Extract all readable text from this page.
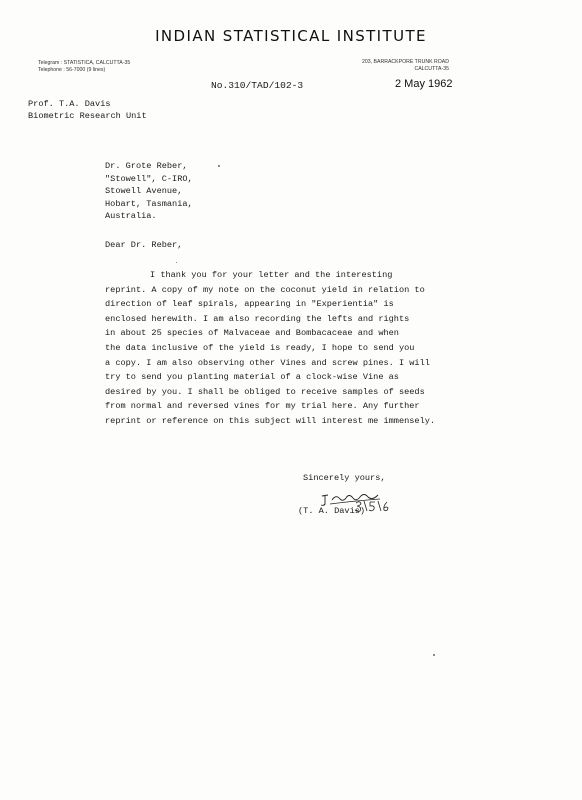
INDIAN STATISTICAL INSTITUTE
Telegram : STATISTICA, CALCUTTA-35
Telephone : 56-7000 (9 lines)
203, BARRACKPORE TRUNK ROAD
CALCUTTA-35
No.310/TAD/102-3	2 May 1962
Prof. T.A. Davis
Biometric Research Unit
Dr. Grote Reber,
"Stowell", C-IRO,
Stowell Avenue,
Hobart, Tasmania,
Australia.
Dear Dr. Reber,
I thank you for your letter and the interesting
reprint. A copy of my note on the coconut yield in relation to
direction of leaf spirals, appearing in "Experientia" is
enclosed herewith. I am also recording the lefts and rights
in about 25 species of Malvaceae and Bombacaceae and when
the data inclusive of the yield is ready, I hope to send you
a copy. I am also observing other Vines and screw pines. I will
try to send you planting material of a clock-wise Vine as
desired by you. I shall be obliged to receive samples of seeds
from normal and reversed vines for my trial here. Any further
reprint or reference on this subject will interest me immensely.
Sincerely yours,
(T. A. Davis)
